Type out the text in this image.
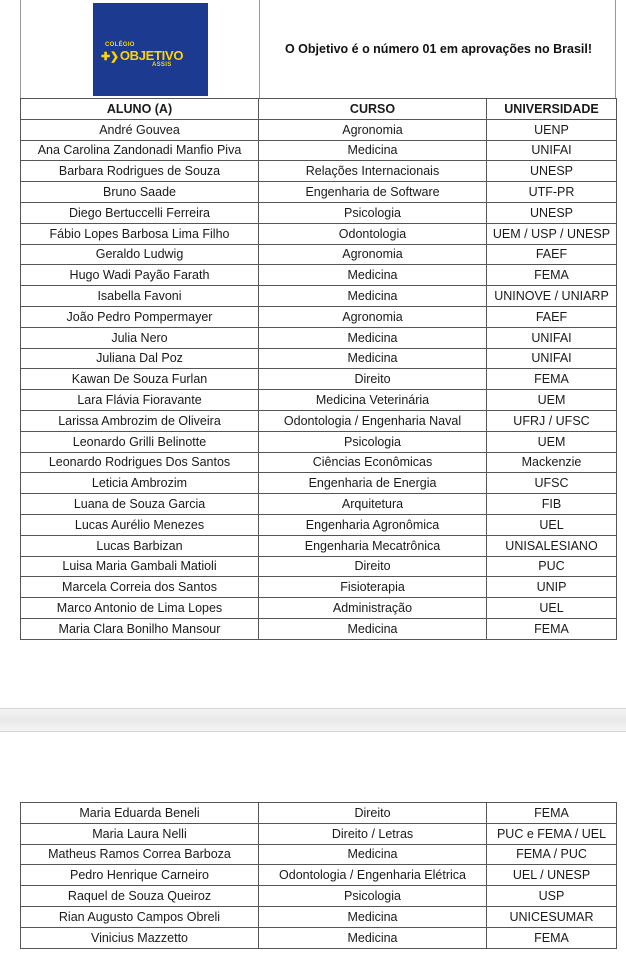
COLÉGIO
✚❯OBJETIVO
ASSIS
O Objetivo é o número 01 em aprovações no Brasil!
ALUNO (A)	CURSO	UNIVERSIDADE
André Gouvea	Agronomia	UENP
Ana Carolina Zandonadi Manfio Piva	Medicina	UNIFAI
Barbara Rodrigues de Souza	Relações Internacionais	UNESP
Bruno Saade	Engenharia de Software	UTF-PR
Diego Bertuccelli Ferreira	Psicologia	UNESP
Fábio Lopes Barbosa Lima Filho	Odontologia	UEM / USP / UNESP
Geraldo Ludwig	Agronomia	FAEF
Hugo Wadi Payão Farath	Medicina	FEMA
Isabella Favoni	Medicina	UNINOVE / UNIARP
João Pedro Pompermayer	Agronomia	FAEF
Julia Nero	Medicina	UNIFAI
Juliana Dal Poz	Medicina	UNIFAI
Kawan De Souza Furlan	Direito	FEMA
Lara Flávia Fioravante	Medicina Veterinária	UEM
Larissa Ambrozim de Oliveira	Odontologia / Engenharia Naval	UFRJ / UFSC
Leonardo Grilli Belinotte	Psicologia	UEM
Leonardo Rodrigues Dos Santos	Ciências Econômicas	Mackenzie
Leticia Ambrozim	Engenharia de Energia	UFSC
Luana de Souza Garcia	Arquitetura	FIB
Lucas Aurélio Menezes	Engenharia Agronômica	UEL
Lucas Barbizan	Engenharia Mecatrônica	UNISALESIANO
Luisa Maria Gambali Matioli	Direito	PUC
Marcela Correia dos Santos	Fisioterapia	UNIP
Marco Antonio de Lima Lopes	Administração	UEL
Maria Clara Bonilho Mansour	Medicina	FEMA
Maria Eduarda Beneli	Direito	FEMA
Maria Laura Nelli	Direito / Letras	PUC e FEMA / UEL
Matheus Ramos Correa Barboza	Medicina	FEMA / PUC
Pedro Henrique Carneiro	Odontologia / Engenharia Elétrica	UEL / UNESP
Raquel de Souza Queiroz	Psicologia	USP
Rian Augusto Campos Obreli	Medicina	UNICESUMAR
Vinicius Mazzetto	Medicina	FEMA
